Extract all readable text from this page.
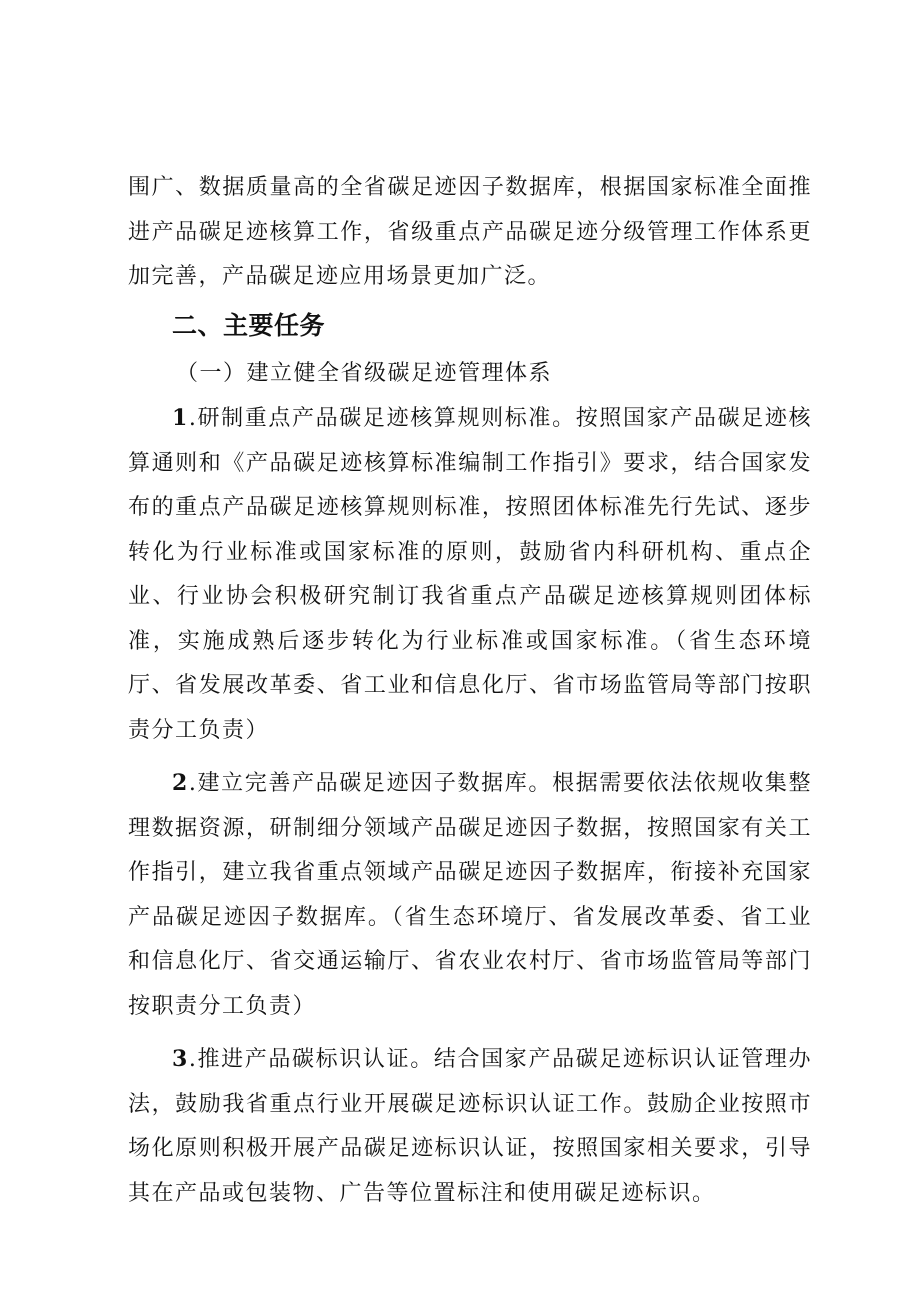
围广、数据质量高的全省碳足迹因子数据库，根据国家标准全面推进产品碳足迹核算工作，省级重点产品碳足迹分级管理工作体系更加完善，产品碳足迹应用场景更加广泛。

二、主要任务

（一）建立健全省级碳足迹管理体系

1.研制重点产品碳足迹核算规则标准。按照国家产品碳足迹核算通则和《产品碳足迹核算标准编制工作指引》要求，结合国家发布的重点产品碳足迹核算规则标准，按照团体标准先行先试、逐步转化为行业标准或国家标准的原则，鼓励省内科研机构、重点企业、行业协会积极研究制订我省重点产品碳足迹核算规则团体标准，实施成熟后逐步转化为行业标准或国家标准。（省生态环境厅、省发展改革委、省工业和信息化厅、省市场监管局等部门按职责分工负责）

2.建立完善产品碳足迹因子数据库。根据需要依法依规收集整理数据资源，研制细分领域产品碳足迹因子数据，按照国家有关工作指引，建立我省重点领域产品碳足迹因子数据库，衔接补充国家产品碳足迹因子数据库。（省生态环境厅、省发展改革委、省工业和信息化厅、省交通运输厅、省农业农村厅、省市场监管局等部门按职责分工负责）

3.推进产品碳标识认证。结合国家产品碳足迹标识认证管理办法，鼓励我省重点行业开展碳足迹标识认证工作。鼓励企业按照市场化原则积极开展产品碳足迹标识认证，按照国家相关要求，引导其在产品或包装物、广告等位置标注和使用碳足迹标识。
